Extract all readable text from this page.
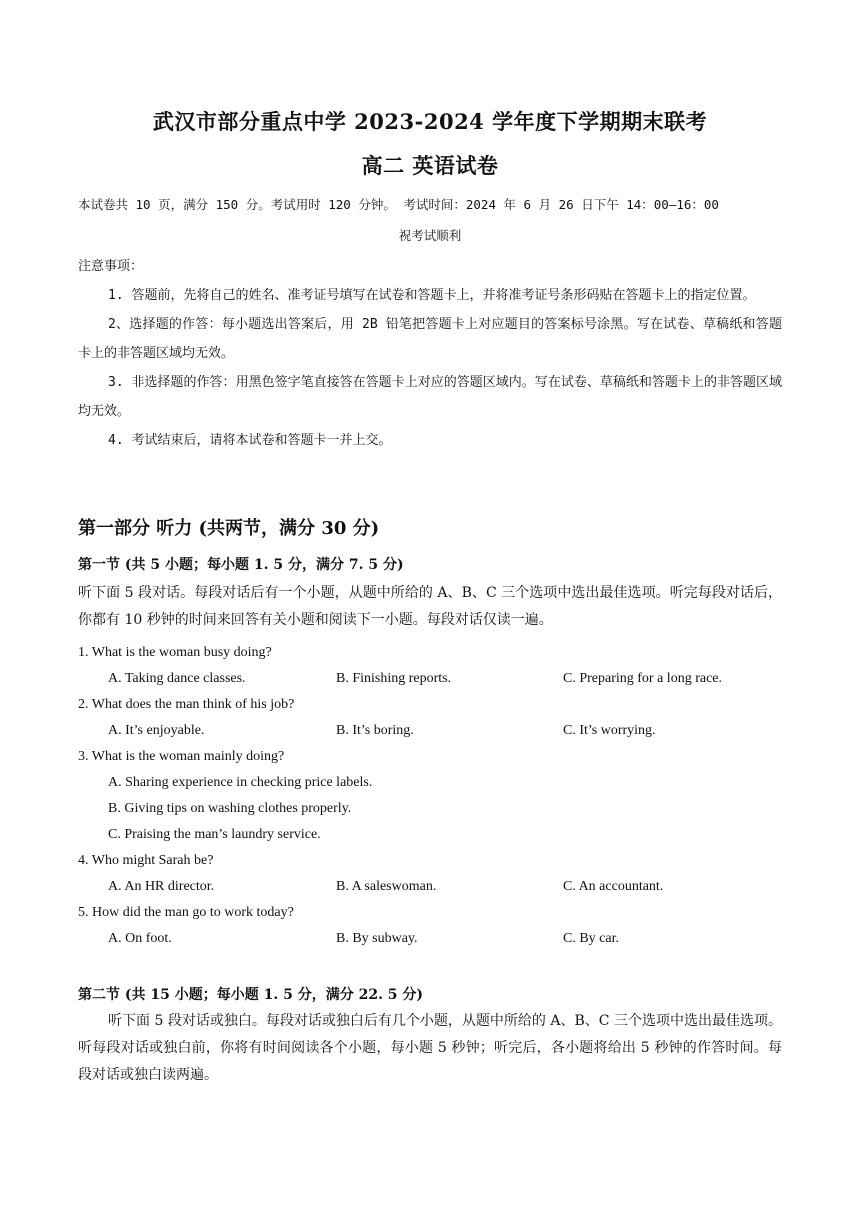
武汉市部分重点中学 2023-2024 学年度下学期期末联考
高二 英语试卷
本试卷共 10 页，满分 150 分。考试用时 120 分钟。 考试时间：2024 年 6 月 26 日下午 14：00—16：00
祝考试顺利
注意事项：

1. 答题前，先将自己的姓名、准考证号填写在试卷和答题卡上，并将准考证号条形码贴在答题卡上的指定位置。

2、选择题的作答：每小题选出答案后，用 2B 铅笔把答题卡上对应题目的答案标号涂黑。写在试卷、草稿纸和答题卡上的非答题区域均无效。

3. 非选择题的作答：用黑色签字笔直接答在答题卡上对应的答题区域内。写在试卷、草稿纸和答题卡上的非答题区域均无效。

4. 考试结束后，请将本试卷和答题卡一并上交。

第一部分 听力 (共两节，满分 30 分)
第一节 (共 5 小题；每小题 1. 5 分，满分 7. 5 分)
听下面 5 段对话。每段对话后有一个小题，从题中所给的 A、B、C 三个选项中选出最佳选项。听完每段对话后，你都有 10 秒钟的时间来回答有关小题和阅读下一小题。每段对话仅读一遍。
1. What is the woman busy doing?
A. Taking dance classes.	B. Finishing reports.	C. Preparing for a long race.
2. What does the man think of his job?
A. It’s enjoyable.	B. It’s boring.	C. It’s worrying.
3. What is the woman mainly doing?
A. Sharing experience in checking price labels.
B. Giving tips on washing clothes properly.
C. Praising the man’s laundry service.
4. Who might Sarah be?
A. An HR director.	B. A saleswoman.	C. An accountant.
5. How did the man go to work today?
A. On foot.	B. By subway.	C. By car.
第二节 (共 15 小题；每小题 1. 5 分，满分 22. 5 分)
听下面 5 段对话或独白。每段对话或独白后有几个小题，从题中所给的 A、B、C 三个选项中选出最佳选项。听每段对话或独白前，你将有时间阅读各个小题，每小题 5 秒钟；听完后，各小题将给出 5 秒钟的作答时间。每段对话或独白读两遍。
